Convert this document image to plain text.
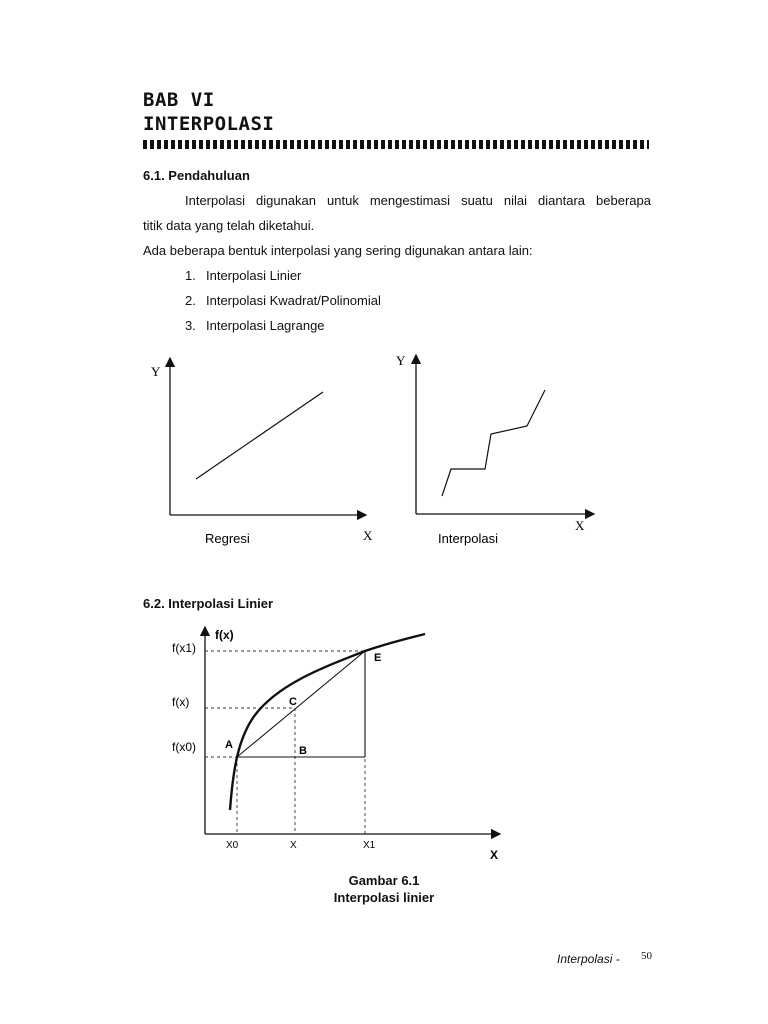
BAB VI
INTERPOLASI
6.1. Pendahuluan
Interpolasi digunakan untuk mengestimasi suatu nilai diantara beberapa
titik data yang telah diketahui.
Ada beberapa bentuk interpolasi yang sering digunakan antara lain:
1. Interpolasi Linier
2. Interpolasi Kwadrat/Polinomial
3. Interpolasi Lagrange
Y
X
Regresi
Y
X
Interpolasi
6.2. Interpolasi Linier
f(x)
f(x1)
f(x)
f(x0)	A	B
C
E
X0	X	X1
X
Gambar 6.1
Interpolasi linier
Interpolasi - 50
